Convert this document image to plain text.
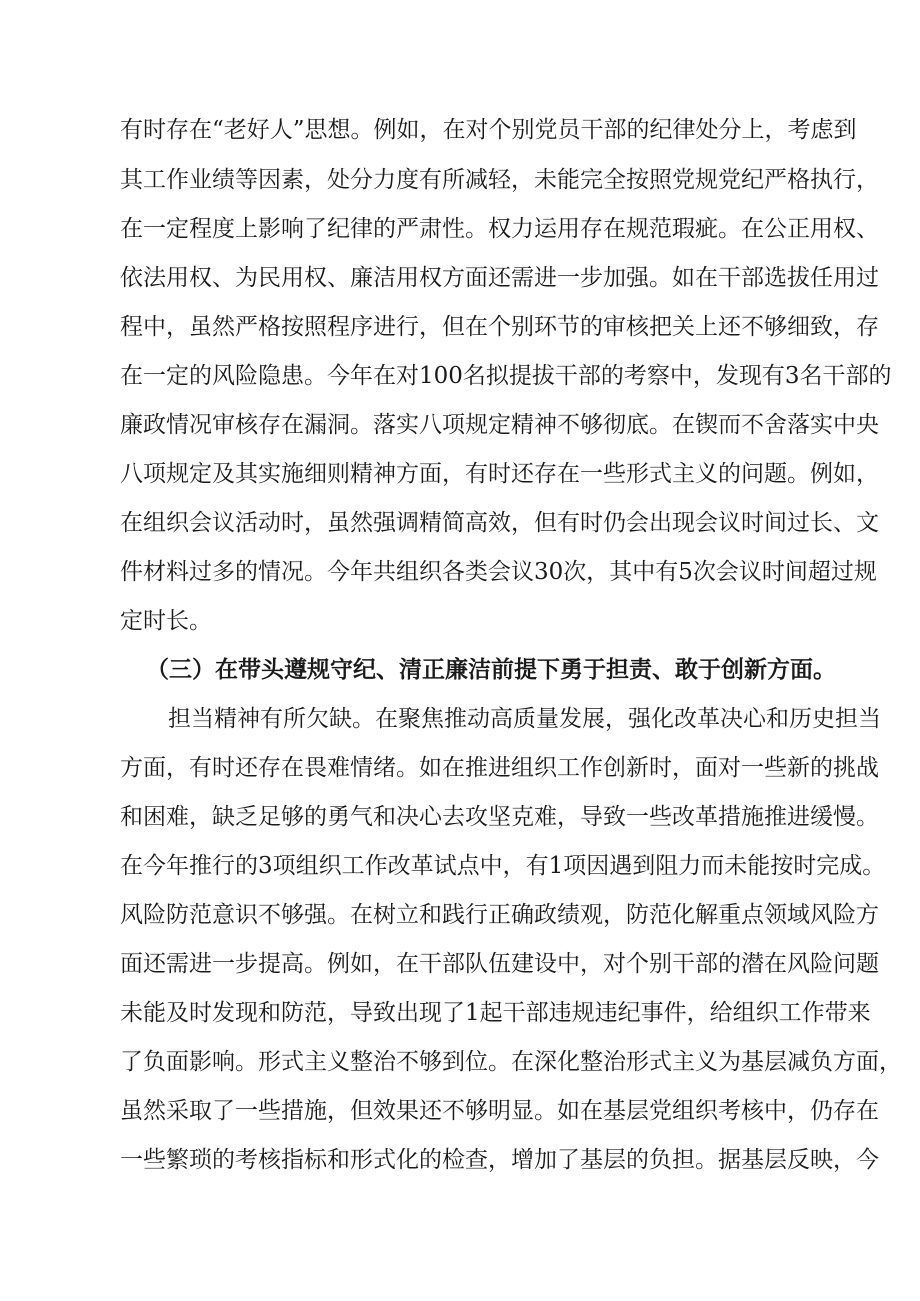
有时存在“老好人”思想。例如，在对个别党员干部的纪律处分上，考虑到
其工作业绩等因素，处分力度有所减轻，未能完全按照党规党纪严格执行，
在一定程度上影响了纪律的严肃性。权力运用存在规范瑕疵。在公正用权、
依法用权、为民用权、廉洁用权方面还需进一步加强。如在干部选拔任用过
程中，虽然严格按照程序进行，但在个别环节的审核把关上还不够细致，存
在一定的风险隐患。今年在对100名拟提拔干部的考察中，发现有3名干部的
廉政情况审核存在漏洞。落实八项规定精神不够彻底。在锲而不舍落实中央
八项规定及其实施细则精神方面，有时还存在一些形式主义的问题。例如，
在组织会议活动时，虽然强调精简高效，但有时仍会出现会议时间过长、文
件材料过多的情况。今年共组织各类会议30次，其中有5次会议时间超过规
定时长。
（三）在带头遵规守纪、清正廉洁前提下勇于担责、敢于创新方面。
担当精神有所欠缺。在聚焦推动高质量发展，强化改革决心和历史担当
方面，有时还存在畏难情绪。如在推进组织工作创新时，面对一些新的挑战
和困难，缺乏足够的勇气和决心去攻坚克难，导致一些改革措施推进缓慢。
在今年推行的3项组织工作改革试点中，有1项因遇到阻力而未能按时完成。
风险防范意识不够强。在树立和践行正确政绩观，防范化解重点领域风险方
面还需进一步提高。例如，在干部队伍建设中，对个别干部的潜在风险问题
未能及时发现和防范，导致出现了1起干部违规违纪事件，给组织工作带来
了负面影响。形式主义整治不够到位。在深化整治形式主义为基层减负方面，
虽然采取了一些措施，但效果还不够明显。如在基层党组织考核中，仍存在
一些繁琐的考核指标和形式化的检查，增加了基层的负担。据基层反映，今
